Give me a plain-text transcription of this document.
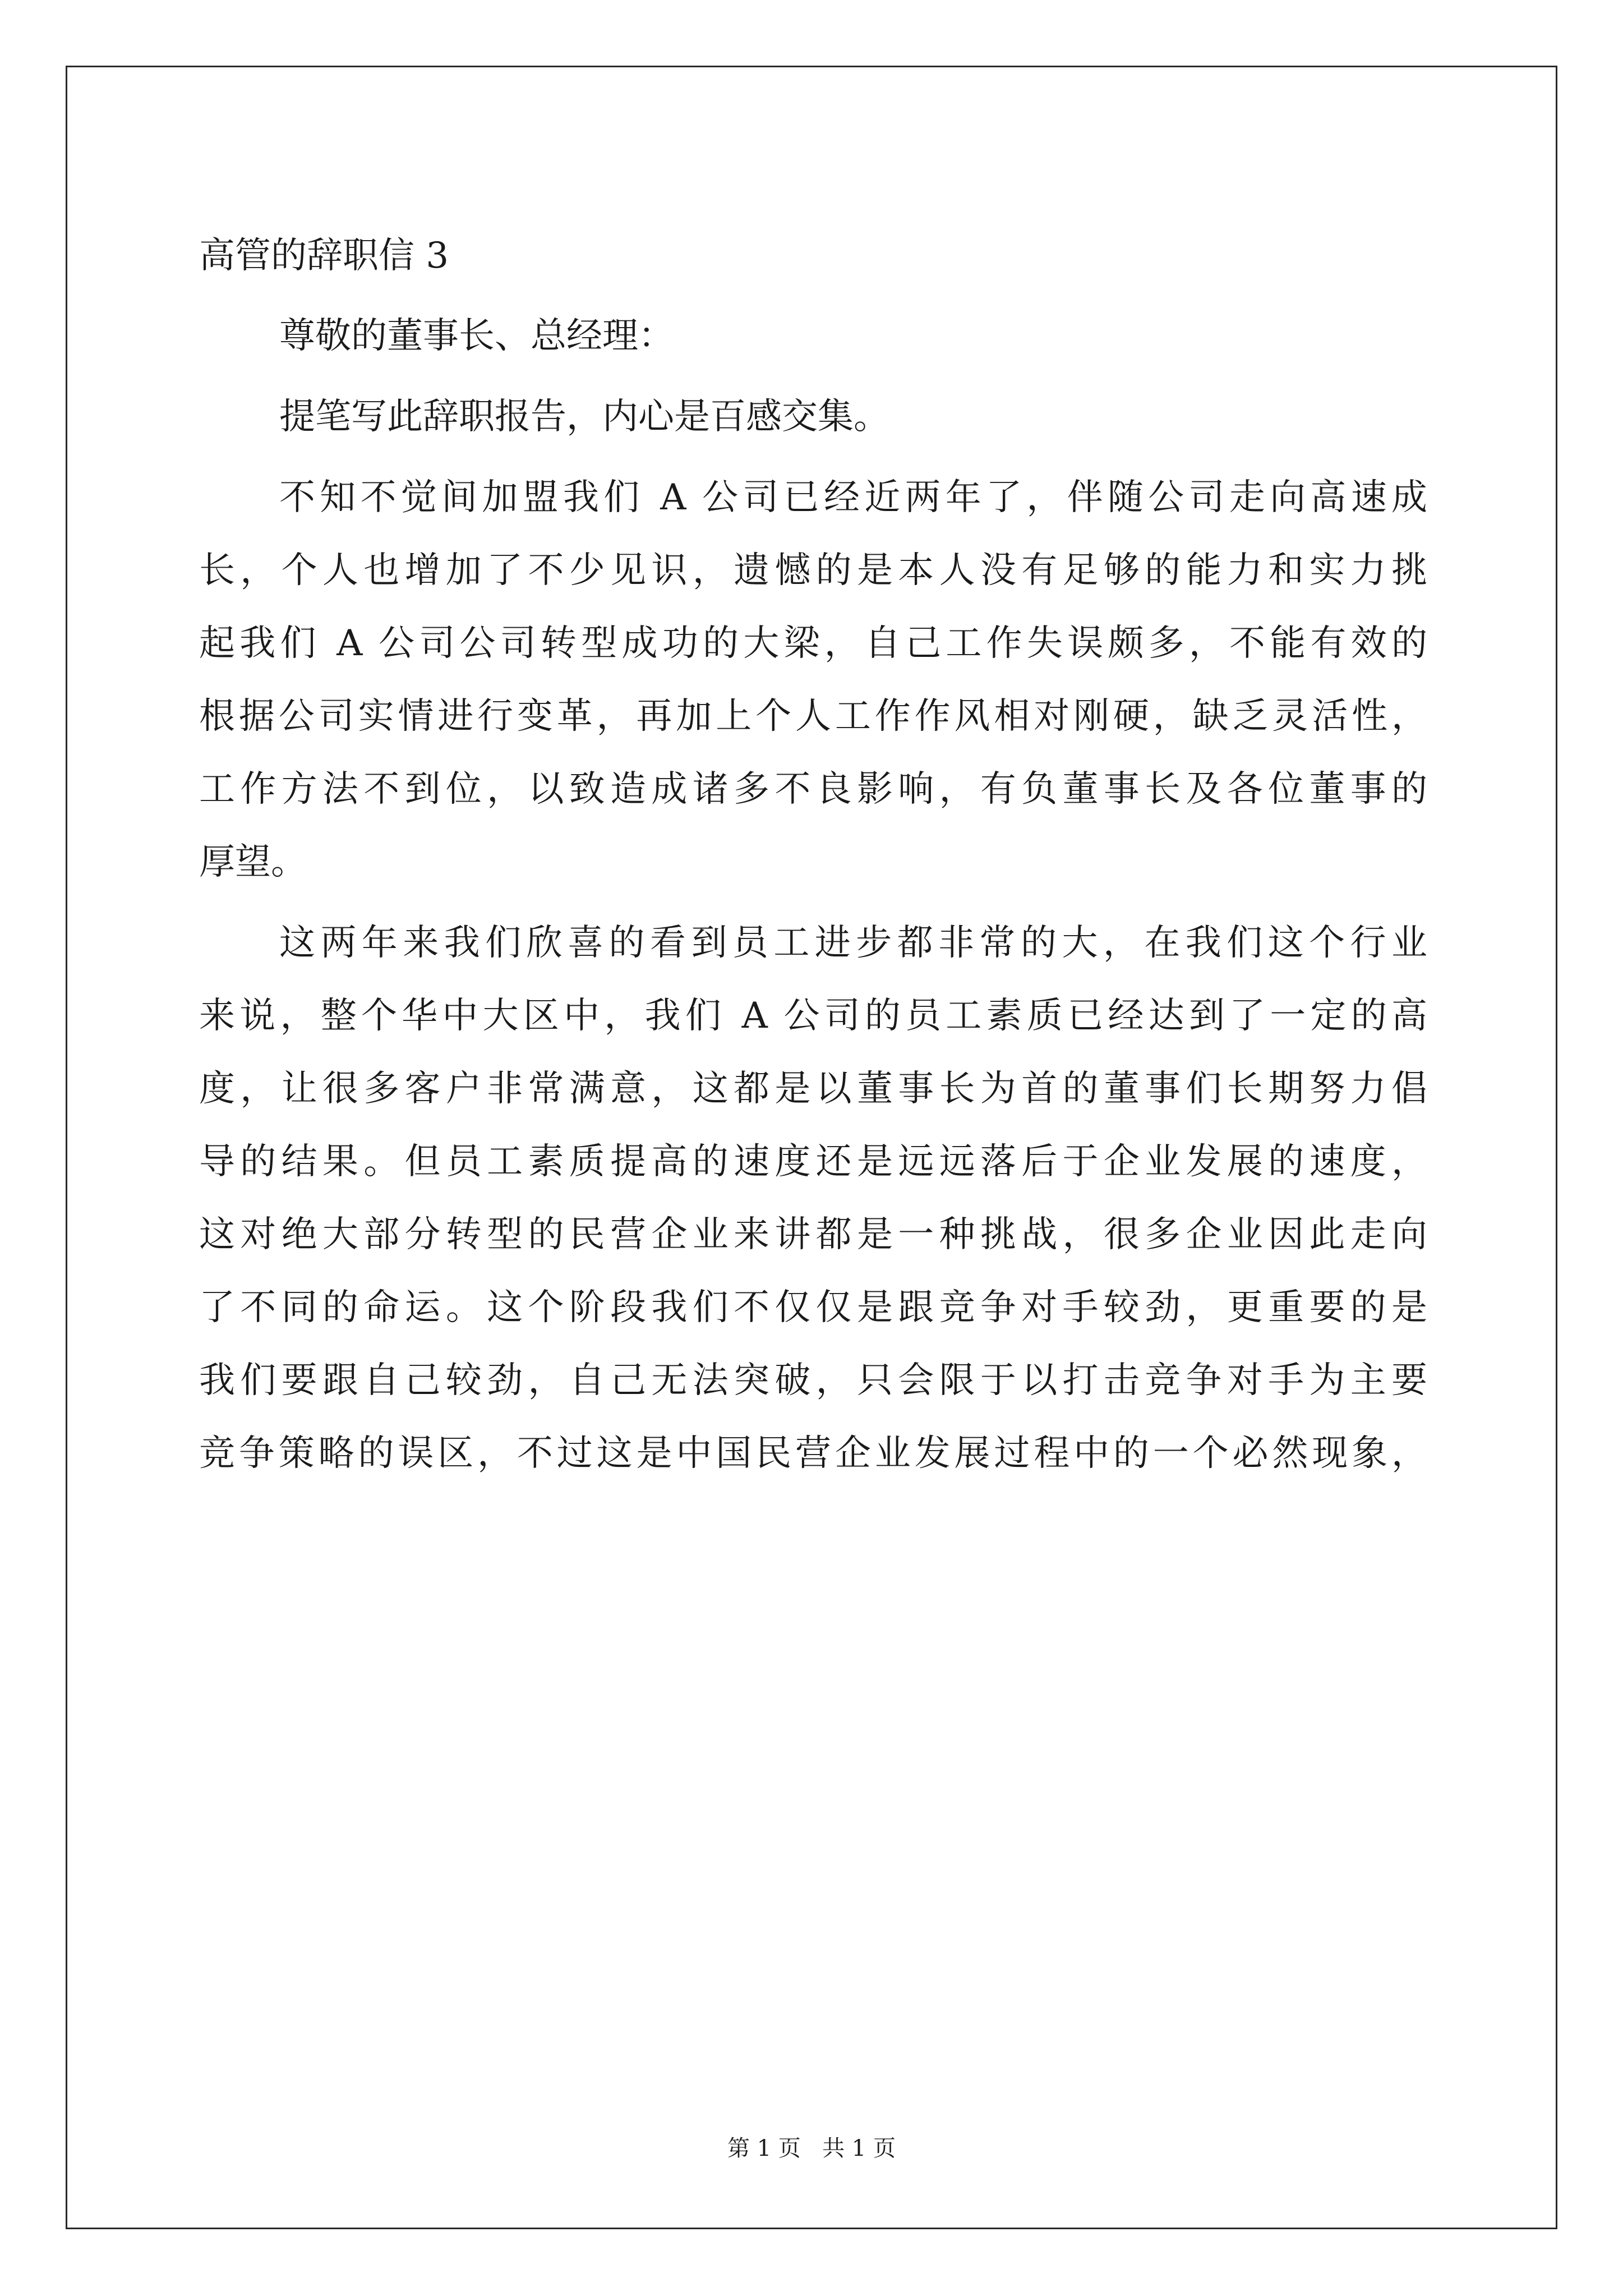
高管的辞职信 3
尊敬的董事长、总经理：
提笔写此辞职报告，内心是百感交集。
不知不觉间加盟我们 A 公司已经近两年了，伴随公司走向高速成
长，个人也增加了不少见识，遗憾的是本人没有足够的能力和实力挑
起我们 A 公司公司转型成功的大梁，自己工作失误颇多，不能有效的
根据公司实情进行变革，再加上个人工作作风相对刚硬，缺乏灵活性，
工作方法不到位，以致造成诸多不良影响，有负董事长及各位董事的
厚望。
这两年来我们欣喜的看到员工进步都非常的大，在我们这个行业
来说，整个华中大区中，我们 A 公司的员工素质已经达到了一定的高
度，让很多客户非常满意，这都是以董事长为首的董事们长期努力倡
导的结果。但员工素质提高的速度还是远远落后于企业发展的速度，
这对绝大部分转型的民营企业来讲都是一种挑战，很多企业因此走向
了不同的命运。这个阶段我们不仅仅是跟竞争对手较劲，更重要的是
我们要跟自己较劲，自己无法突破，只会限于以打击竞争对手为主要
竞争策略的误区，不过这是中国民营企业发展过程中的一个必然现象，
第 1 页   共 1 页
